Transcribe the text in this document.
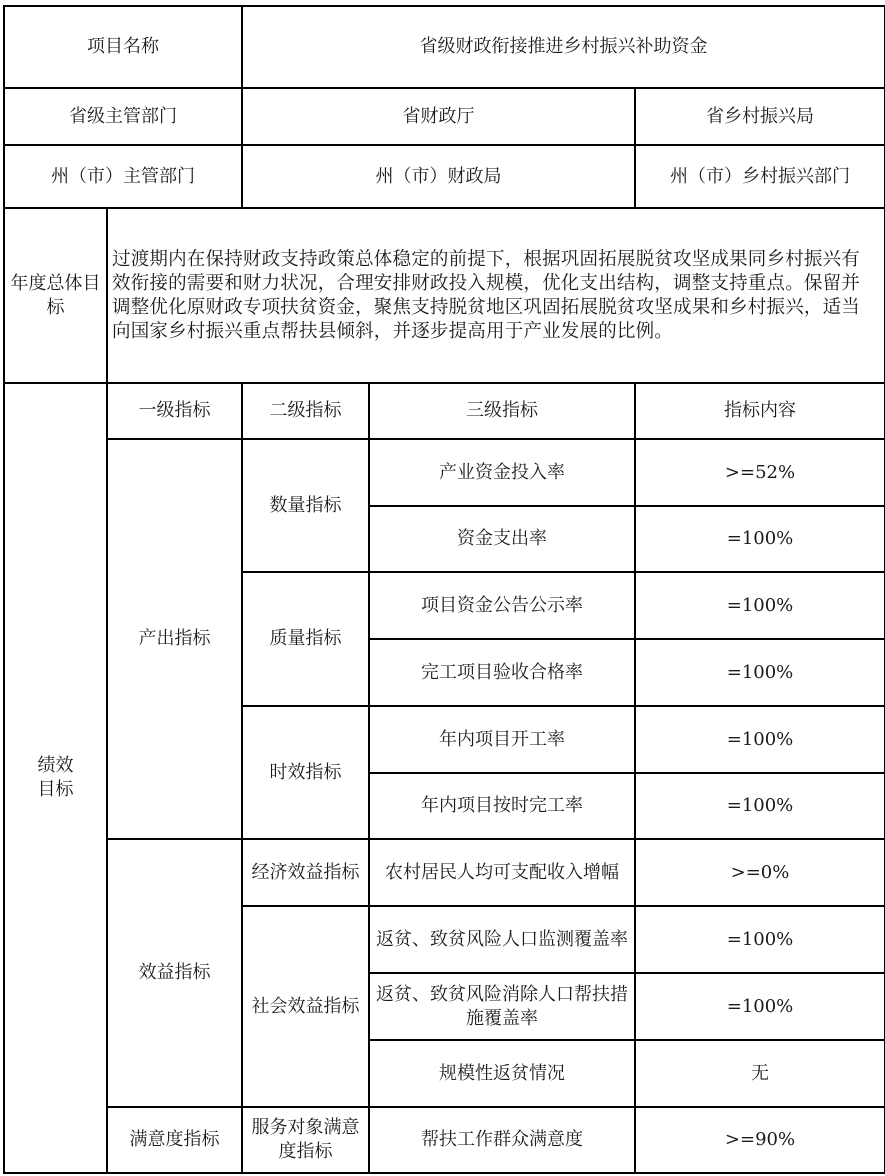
项目名称		省级财政衔接推进乡村振兴补助资金		
省级主管部门		省财政厅		省乡村振兴局
州（市）主管部门		州（市）财政局		州（市）乡村振兴部门
年度总体目标	过渡期内在保持财政支持政策总体稳定的前提下，根据巩固拓展脱贫攻坚成果同乡村振兴有效衔接的需要和财力状况，合理安排财政投入规模，优化支出结构，调整支持重点。保留并调整优化原财政专项扶贫资金，聚焦支持脱贫地区巩固拓展脱贫攻坚成果和乡村振兴，适当向国家乡村振兴重点帮扶县倾斜，并逐步提高用于产业发展的比例。			
绩效目标	一级指标	二级指标	三级指标	指标内容
	产出指标	数量指标	产业资金投入率	>=52%
			资金支出率	=100%
		质量指标	项目资金公告公示率	=100%
			完工项目验收合格率	=100%
		时效指标	年内项目开工率	=100%
			年内项目按时完工率	=100%
	效益指标	经济效益指标	农村居民人均可支配收入增幅	>=0%
		社会效益指标	返贫、致贫风险人口监测覆盖率	=100%
			返贫、致贫风险消除人口帮扶措施覆盖率	=100%
			规模性返贫情况	无
	满意度指标	服务对象满意度指标	帮扶工作群众满意度	>=90%
